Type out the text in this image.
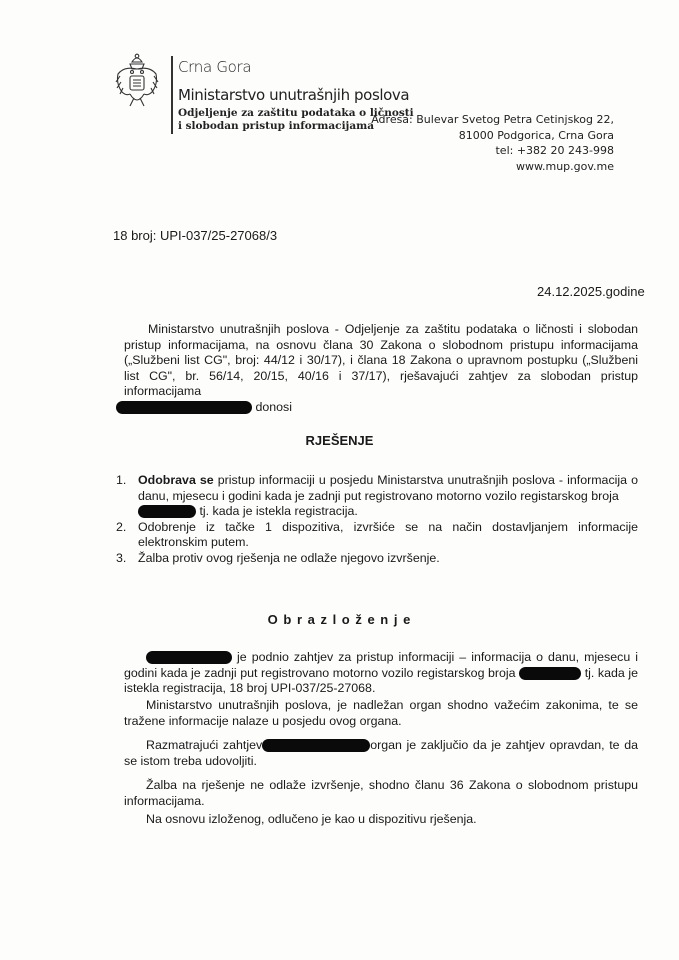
Crna Gora
Ministarstvo unutrašnjih poslova
Odjeljenje za zaštitu podataka o ličnosti
i slobodan pristup informacijama
Adresa: Bulevar Svetog Petra Cetinjskog 22,
81000 Podgorica, Crna Gora
tel: +382 20 243-998
www.mup.gov.me
18 broj: UPI-037/25-27068/3
24.12.2025.godine
Ministarstvo unutrašnjih poslova - Odjeljenje za zaštitu podataka o ličnosti i slobodan pristup informacijama, na osnovu člana 30 Zakona o slobodnom pristupu informacijama („Službeni list CG", broj: 44/12 i 30/17), i člana 18 Zakona o upravnom postupku („Službeni list CG", br. 56/14, 20/15, 40/16 i 37/17), rješavajući zahtjev za slobodan pristup informacijama
donosi
RJEŠENJE
1. Odobrava se pristup informaciji u posjedu Ministarstva unutrašnjih poslova - informacija o danu, mjesecu i godini kada je zadnji put registrovano motorno vozilo registarskog broja
tj. kada je istekla registracija.
2. Odobrenje iz tačke 1 dispozitiva, izvršiće se na način dostavljanjem informacije elektronskim putem.
3. Žalba protiv ovog rješenja ne odlaže njegovo izvršenje.
O b r a z l o ž e n j e
je podnio zahtjev za pristup informaciji – informacija o danu, mjesecu i godini kada je zadnji put registrovano motorno vozilo registarskog broja	tj. kada je istekla registracija, 18 broj UPI-037/25-27068.
Ministarstvo unutrašnjih poslova, je nadležan organ shodno važećim zakonima, te se tražene informacije nalaze u posjedu ovog organa.
Razmatrajući zahtjev	organ je zaključio da je zahtjev opravdan, te da se istom treba udovoljiti.
Žalba na rješenje ne odlaže izvršenje, shodno članu 36 Zakona o slobodnom pristupu informacijama.
Na osnovu izloženog, odlučeno je kao u dispozitivu rješenja.
